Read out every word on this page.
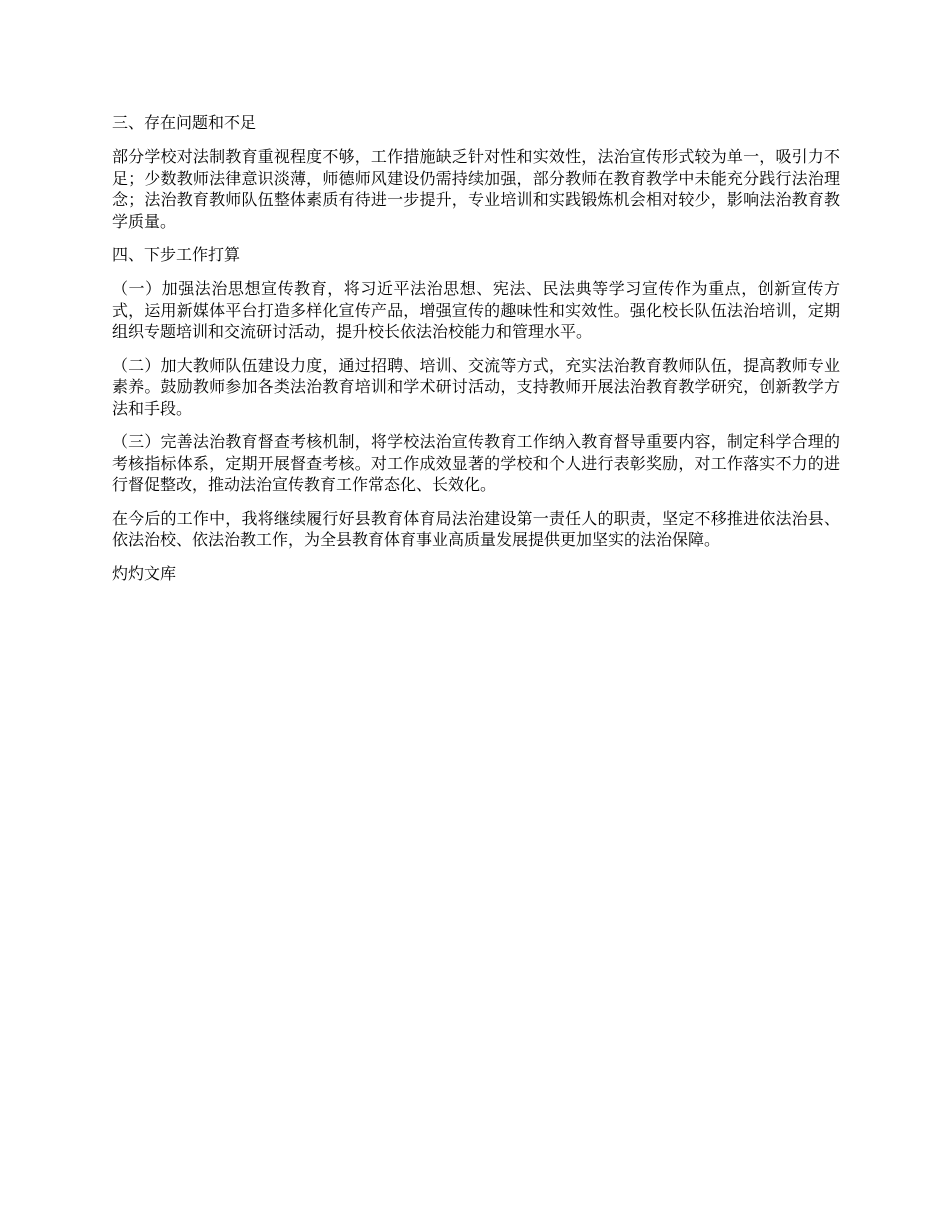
三、存在问题和不足
部分学校对法制教育重视程度不够，工作措施缺乏针对性和实效性，法治宣传形式较为单一，吸引力不足；少数教师法律意识淡薄，师德师风建设仍需持续加强，部分教师在教育教学中未能充分践行法治理念；法治教育教师队伍整体素质有待进一步提升，专业培训和实践锻炼机会相对较少，影响法治教育教学质量。
四、下步工作打算
（一）加强法治思想宣传教育，将习近平法治思想、宪法、民法典等学习宣传作为重点，创新宣传方式，运用新媒体平台打造多样化宣传产品，增强宣传的趣味性和实效性。强化校长队伍法治培训，定期组织专题培训和交流研讨活动，提升校长依法治校能力和管理水平。
（二）加大教师队伍建设力度，通过招聘、培训、交流等方式，充实法治教育教师队伍，提高教师专业素养。鼓励教师参加各类法治教育培训和学术研讨活动，支持教师开展法治教育教学研究，创新教学方法和手段。
（三）完善法治教育督查考核机制，将学校法治宣传教育工作纳入教育督导重要内容，制定科学合理的考核指标体系，定期开展督查考核。对工作成效显著的学校和个人进行表彰奖励，对工作落实不力的进行督促整改，推动法治宣传教育工作常态化、长效化。
在今后的工作中，我将继续履行好县教育体育局法治建设第一责任人的职责，坚定不移推进依法治县、依法治校、依法治教工作，为全县教育体育事业高质量发展提供更加坚实的法治保障。
灼灼文库
